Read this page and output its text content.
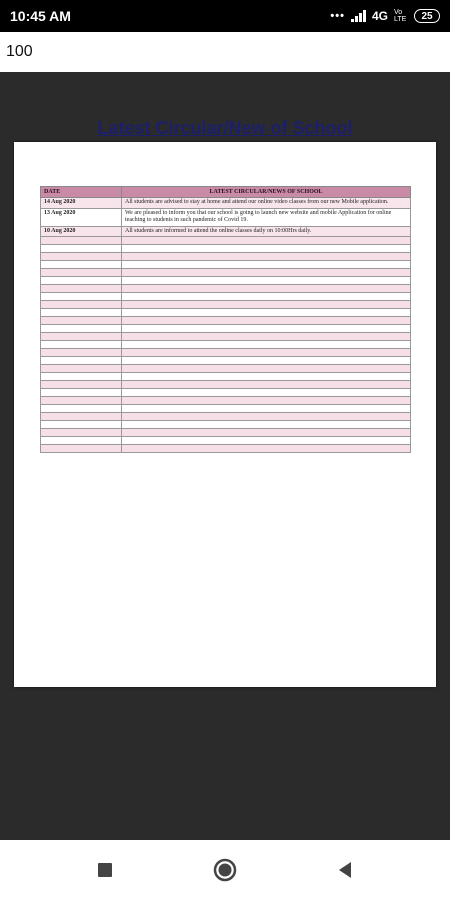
10:45 AM	••• 4G Vo LTE	25
100
Latest Circular/New of School
DATE	LATEST CIRCULAR/NEWS OF SCHOOL
14 Aug 2020	All students are advised to stay at home and attend our online video classes from our new Mobile application.
13 Aug 2020	We are pleased to inform you that our school is going to launch new website and mobile Application for online teaching to students in such pandemic of Covid 19.
10 Aug 2020	All students are informed to attend the online classes daily on 10:00Hrs daily.
